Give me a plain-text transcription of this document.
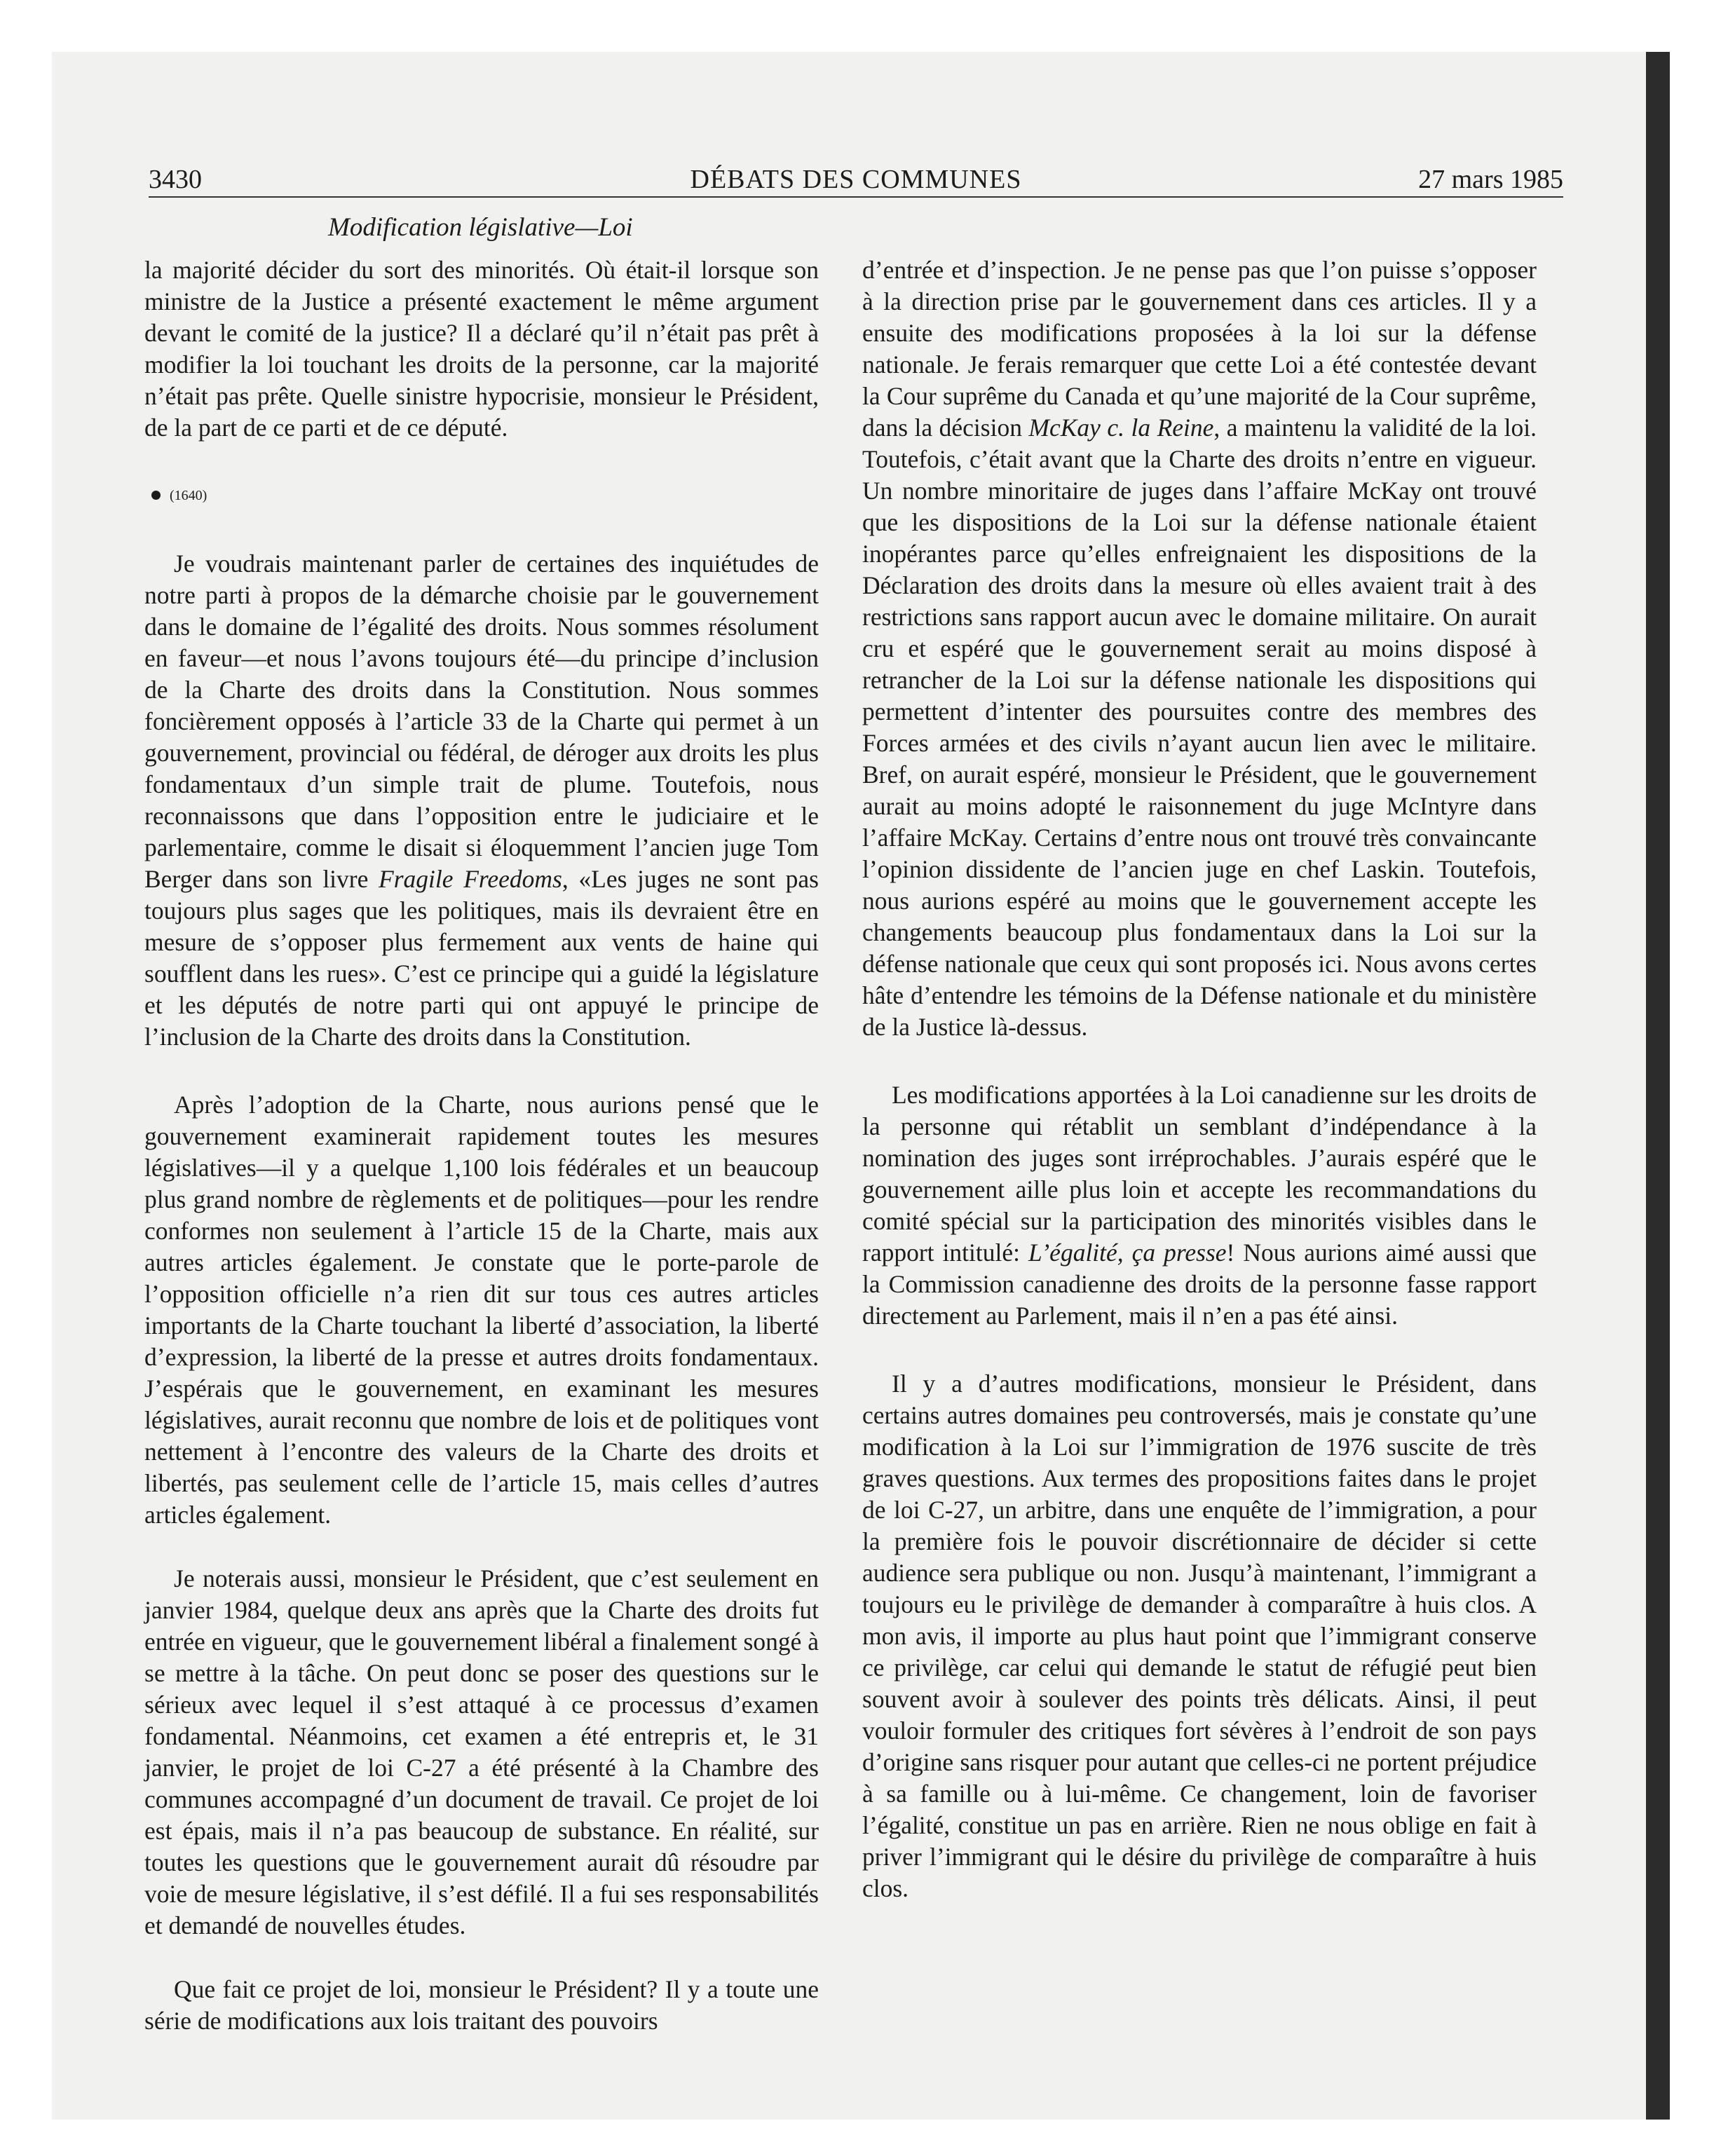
3430	DÉBATS DES COMMUNES	27 mars 1985
Modification législative—Loi

la majorité décider du sort des minorités. Où était-il lorsque son ministre de la Justice a présenté exactement le même argument devant le comité de la justice? Il a déclaré qu’il n’était pas prêt à modifier la loi touchant les droits de la personne, car la majorité n’était pas prête. Quelle sinistre hypocrisie, monsieur le Président, de la part de ce parti et de ce député.

(1640)

Je voudrais maintenant parler de certaines des inquiétudes de notre parti à propos de la démarche choisie par le gouvernement dans le domaine de l’égalité des droits. Nous sommes résolument en faveur—et nous l’avons toujours été—du principe d’inclusion de la Charte des droits dans la Constitution. Nous sommes foncièrement opposés à l’article 33 de la Charte qui permet à un gouvernement, provincial ou fédéral, de déroger aux droits les plus fondamentaux d’un simple trait de plume. Toutefois, nous reconnaissons que dans l’opposition entre le judiciaire et le parlementaire, comme le disait si éloquemment l’ancien juge Tom Berger dans son livre Fragile Freedoms, «Les juges ne sont pas toujours plus sages que les politiques, mais ils devraient être en mesure de s’opposer plus fermement aux vents de haine qui soufflent dans les rues». C’est ce principe qui a guidé la législature et les députés de notre parti qui ont appuyé le principe de l’inclusion de la Charte des droits dans la Constitution.

Après l’adoption de la Charte, nous aurions pensé que le gouvernement examinerait rapidement toutes les mesures législatives—il y a quelque 1,100 lois fédérales et un beaucoup plus grand nombre de règlements et de politiques—pour les rendre conformes non seulement à l’article 15 de la Charte, mais aux autres articles également. Je constate que le porte-parole de l’opposition officielle n’a rien dit sur tous ces autres articles importants de la Charte touchant la liberté d’association, la liberté d’expression, la liberté de la presse et autres droits fondamentaux. J’espérais que le gouvernement, en examinant les mesures législatives, aurait reconnu que nombre de lois et de politiques vont nettement à l’encontre des valeurs de la Charte des droits et libertés, pas seulement celle de l’article 15, mais celles d’autres articles également.

Je noterais aussi, monsieur le Président, que c’est seulement en janvier 1984, quelque deux ans après que la Charte des droits fut entrée en vigueur, que le gouvernement libéral a finalement songé à se mettre à la tâche. On peut donc se poser des questions sur le sérieux avec lequel il s’est attaqué à ce processus d’examen fondamental. Néanmoins, cet examen a été entrepris et, le 31 janvier, le projet de loi C-27 a été présenté à la Chambre des communes accompagné d’un document de travail. Ce projet de loi est épais, mais il n’a pas beaucoup de substance. En réalité, sur toutes les questions que le gouvernement aurait dû résoudre par voie de mesure législative, il s’est défilé. Il a fui ses responsabilités et demandé de nouvelles études.

Que fait ce projet de loi, monsieur le Président? Il y a toute une série de modifications aux lois traitant des pouvoirs

d’entrée et d’inspection. Je ne pense pas que l’on puisse s’opposer à la direction prise par le gouvernement dans ces articles. Il y a ensuite des modifications proposées à la loi sur la défense nationale. Je ferais remarquer que cette Loi a été contestée devant la Cour suprême du Canada et qu’une majorité de la Cour suprême, dans la décision McKay c. la Reine, a maintenu la validité de la loi. Toutefois, c’était avant que la Charte des droits n’entre en vigueur. Un nombre minoritaire de juges dans l’affaire McKay ont trouvé que les dispositions de la Loi sur la défense nationale étaient inopérantes parce qu’elles enfreignaient les dispositions de la Déclaration des droits dans la mesure où elles avaient trait à des restrictions sans rapport aucun avec le domaine militaire. On aurait cru et espéré que le gouvernement serait au moins disposé à retrancher de la Loi sur la défense nationale les dispositions qui permettent d’intenter des poursuites contre des membres des Forces armées et des civils n’ayant aucun lien avec le militaire. Bref, on aurait espéré, monsieur le Président, que le gouvernement aurait au moins adopté le raisonnement du juge McIntyre dans l’affaire McKay. Certains d’entre nous ont trouvé très convaincante l’opinion dissidente de l’ancien juge en chef Laskin. Toutefois, nous aurions espéré au moins que le gouvernement accepte les changements beaucoup plus fondamentaux dans la Loi sur la défense nationale que ceux qui sont proposés ici. Nous avons certes hâte d’entendre les témoins de la Défense nationale et du ministère de la Justice là-dessus.

Les modifications apportées à la Loi canadienne sur les droits de la personne qui rétablit un semblant d’indépendance à la nomination des juges sont irréprochables. J’aurais espéré que le gouvernement aille plus loin et accepte les recommandations du comité spécial sur la participation des minorités visibles dans le rapport intitulé: L’égalité, ça presse! Nous aurions aimé aussi que la Commission canadienne des droits de la personne fasse rapport directement au Parlement, mais il n’en a pas été ainsi.

Il y a d’autres modifications, monsieur le Président, dans certains autres domaines peu controversés, mais je constate qu’une modification à la Loi sur l’immigration de 1976 suscite de très graves questions. Aux termes des propositions faites dans le projet de loi C-27, un arbitre, dans une enquête de l’immigration, a pour la première fois le pouvoir discrétionnaire de décider si cette audience sera publique ou non. Jusqu’à maintenant, l’immigrant a toujours eu le privilège de demander à comparaître à huis clos. A mon avis, il importe au plus haut point que l’immigrant conserve ce privilège, car celui qui demande le statut de réfugié peut bien souvent avoir à soulever des points très délicats. Ainsi, il peut vouloir formuler des critiques fort sévères à l’endroit de son pays d’origine sans risquer pour autant que celles-ci ne portent préjudice à sa famille ou à lui-même. Ce changement, loin de favoriser l’égalité, constitue un pas en arrière. Rien ne nous oblige en fait à priver l’immigrant qui le désire du privilège de comparaître à huis clos.
